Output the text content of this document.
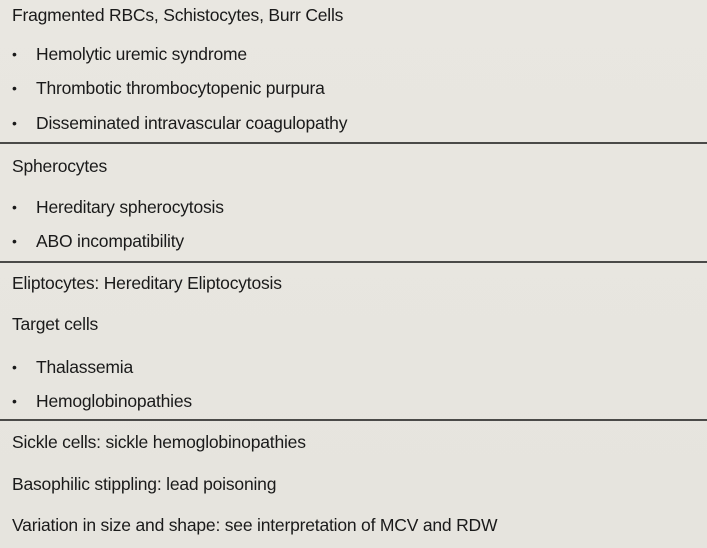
Fragmented RBCs, Schistocytes, Burr Cells
• Hemolytic uremic syndrome
• Thrombotic thrombocytopenic purpura
• Disseminated intravascular coagulopathy
Spherocytes
• Hereditary spherocytosis
• ABO incompatibility
Eliptocytes: Hereditary Eliptocytosis
Target cells
• Thalassemia
• Hemoglobinopathies
Sickle cells: sickle hemoglobinopathies
Basophilic stippling: lead poisoning
Variation in size and shape: see interpretation of MCV and RDW
